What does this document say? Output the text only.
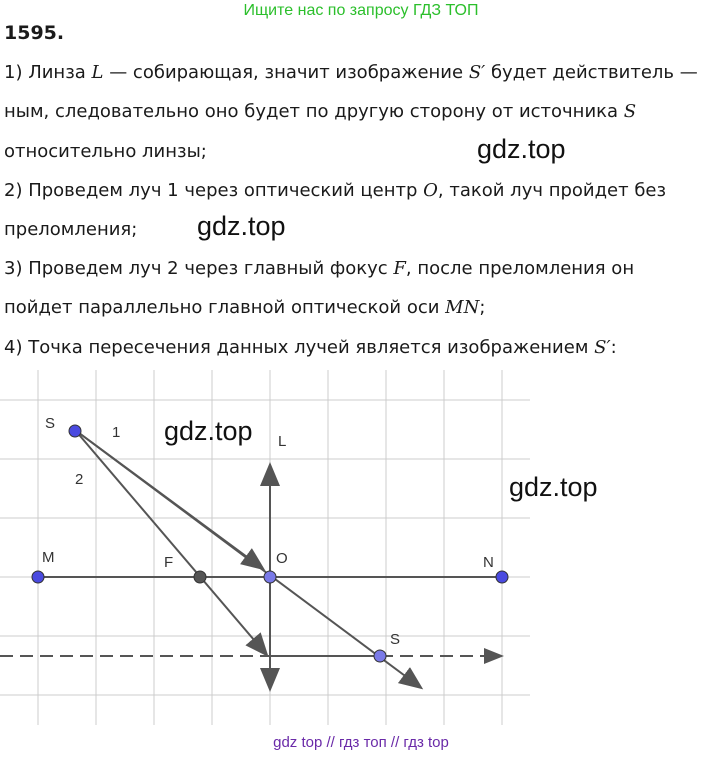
Ищите нас по запросу ГДЗ ТОП
1595.
1) Линза L — собирающая, значит изображение S′ будет действитель —
ным, следовательно оно будет по другую сторону от источника S
относительно линзы;
2) Проведем луч 1 через оптический центр O, такой луч пройдет без
преломления;
3) Проведем луч 2 через главный фокус F, после преломления он
пойдет параллельно главной оптической оси MN;
4) Точка пересечения данных лучей является изображением S′:
gdz.top
gdz.top
S
1
2
L
M	F	O	N
S
gdz.top
gdz.top
gdz top // гдз топ // гдз top
